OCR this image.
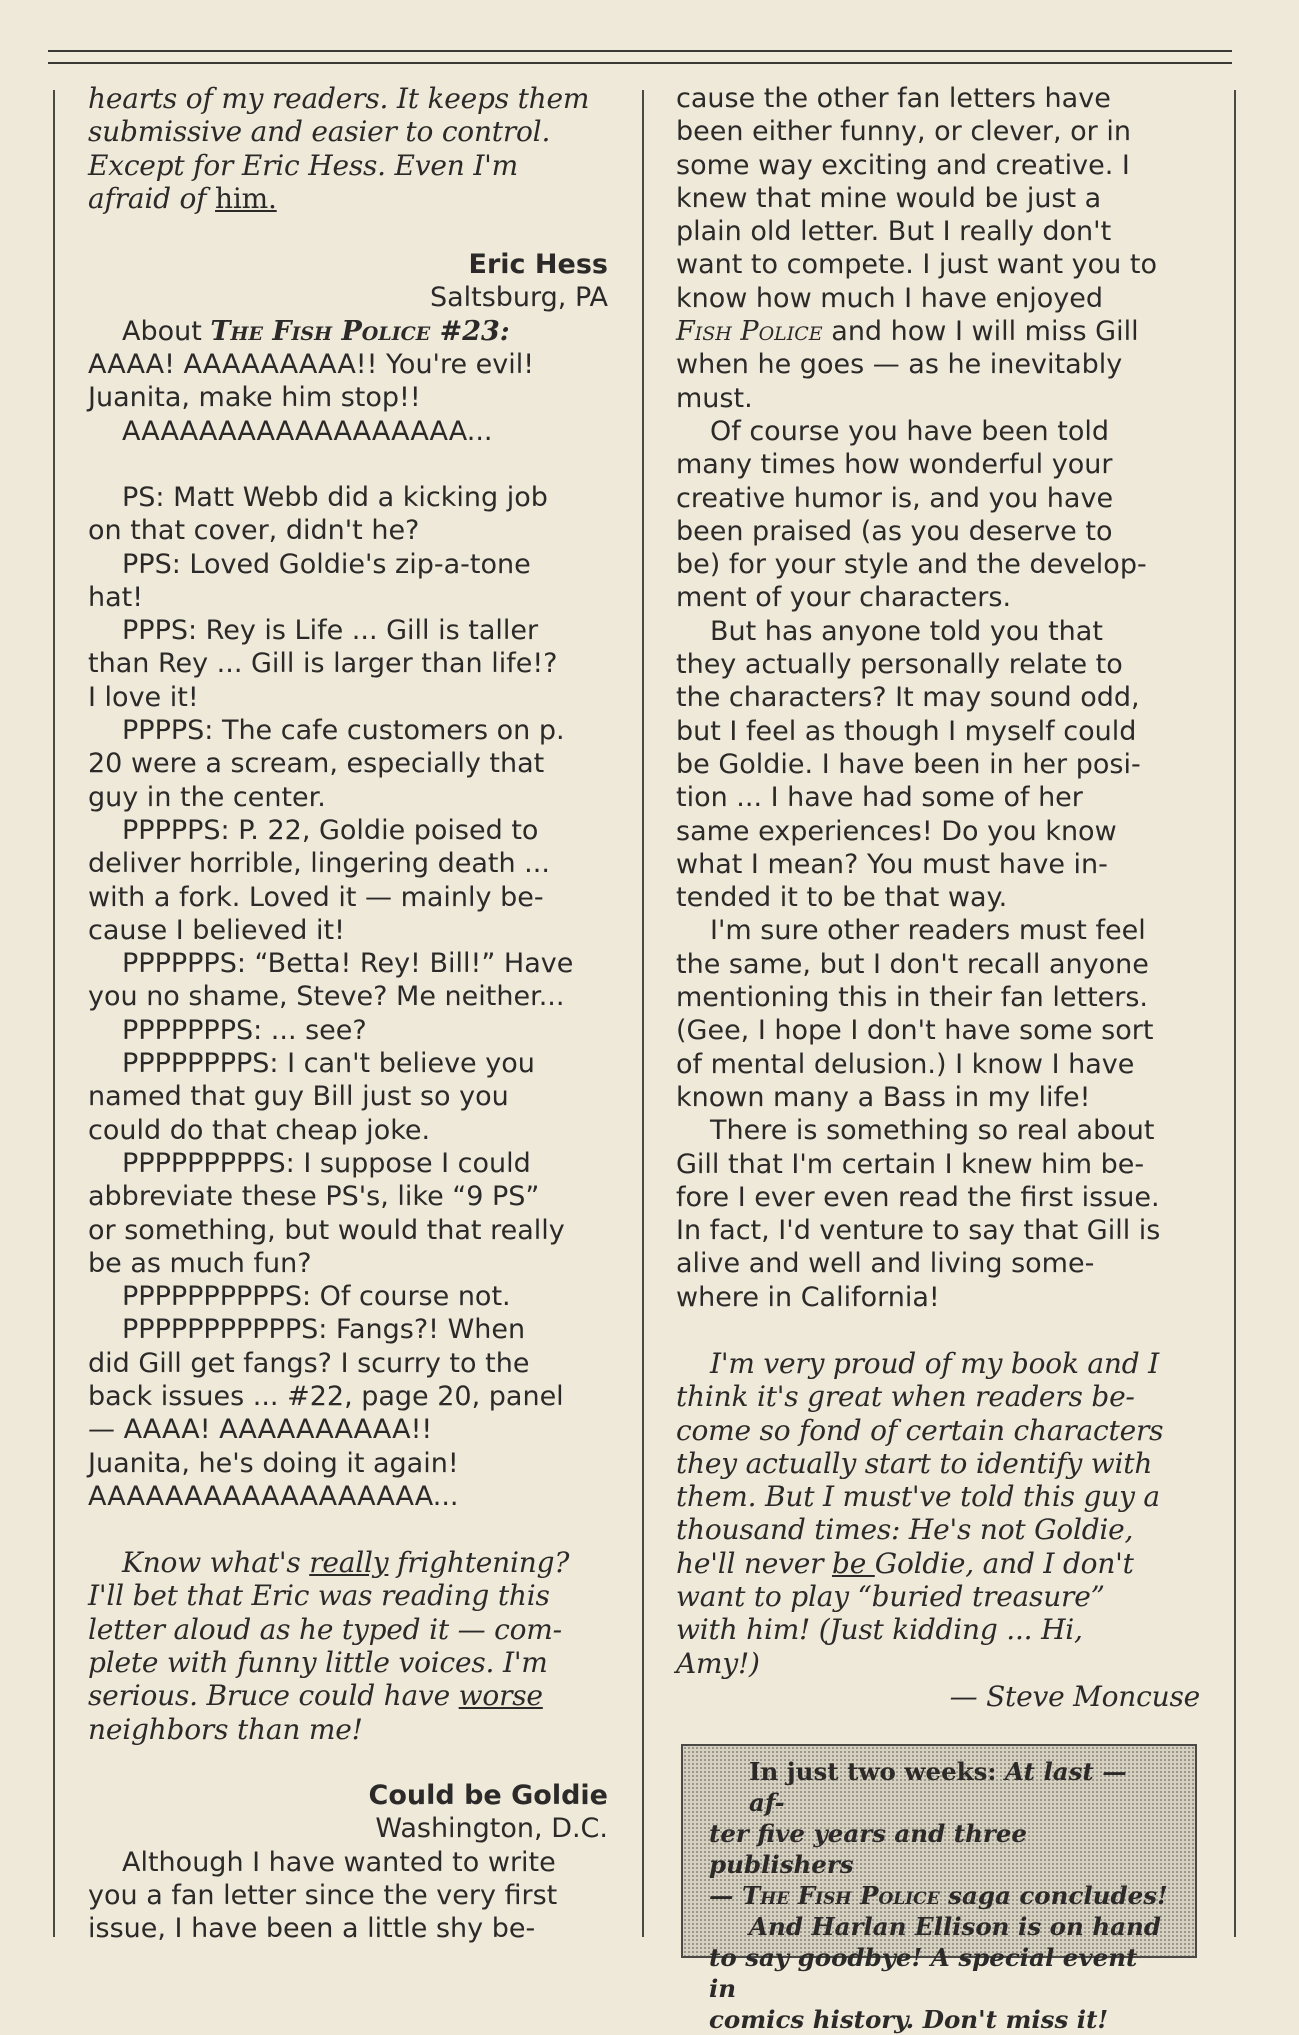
hearts of my readers. It keeps them

submissive and easier to control.

Except for Eric Hess. Even I'm

afraid of him.

Eric Hess

Saltsburg, PA

About The Fish Police #23:

AAAA! AAAAAAAAA!! You're evil!

Juanita, make him stop!!

AAAAAAAAAAAAAAAAAA...

PS: Matt Webb did a kicking job

on that cover, didn't he?

PPS: Loved Goldie's zip-a-tone

hat!

PPPS: Rey is Life ... Gill is taller

than Rey ... Gill is larger than life!?

I love it!

PPPPS: The cafe customers on p.

20 were a scream, especially that

guy in the center.

PPPPPS: P. 22, Goldie poised to

deliver horrible, lingering death ...

with a fork. Loved it — mainly be-

cause I believed it!

PPPPPPS: “Betta! Rey! Bill!” Have

you no shame, Steve? Me neither...

PPPPPPPS: ... see?

PPPPPPPPS: I can't believe you

named that guy Bill just so you

could do that cheap joke.

PPPPPPPPPS: I suppose I could

abbreviate these PS's, like “9 PS”

or something, but would that really

be as much fun?

PPPPPPPPPPS: Of course not.

PPPPPPPPPPPS: Fangs?! When

did Gill get fangs? I scurry to the

back issues ... #22, page 20, panel

— AAAA! AAAAAAAAAA!!

Juanita, he's doing it again!

AAAAAAAAAAAAAAAAAA...

Know what's really frightening?

I'll bet that Eric was reading this

letter aloud as he typed it — com-

plete with funny little voices. I'm

serious. Bruce could have worse

neighbors than me!

Could be Goldie

Washington, D.C.

Although I have wanted to write

you a fan letter since the very first

issue, I have been a little shy be-

cause the other fan letters have

been either funny, or clever, or in

some way exciting and creative. I

knew that mine would be just a

plain old letter. But I really don't

want to compete. I just want you to

know how much I have enjoyed

Fish Police and how I will miss Gill

when he goes — as he inevitably

must.

Of course you have been told

many times how wonderful your

creative humor is, and you have

been praised (as you deserve to

be) for your style and the develop-

ment of your characters.

But has anyone told you that

they actually personally relate to

the characters? It may sound odd,

but I feel as though I myself could

be Goldie. I have been in her posi-

tion ... I have had some of her

same experiences! Do you know

what I mean? You must have in-

tended it to be that way.

I'm sure other readers must feel

the same, but I don't recall anyone

mentioning this in their fan letters.

(Gee, I hope I don't have some sort

of mental delusion.) I know I have

known many a Bass in my life!

There is something so real about

Gill that I'm certain I knew him be-

fore I ever even read the first issue.

In fact, I'd venture to say that Gill is

alive and well and living some-

where in California!

I'm very proud of my book and I

think it's great when readers be-

come so fond of certain characters

they actually start to identify with

them. But I must've told this guy a

thousand times: He's not Goldie,

he'll never be Goldie, and I don't

want to play “buried treasure”

with him! (Just kidding ... Hi,

Amy!)

— Steve Moncuse

In just two weeks: At last — af-
ter five years and three publishers
— The Fish Police saga concludes!
And Harlan Ellison is on hand
to say goodbye! A special event in
comics history. Don't miss it!
